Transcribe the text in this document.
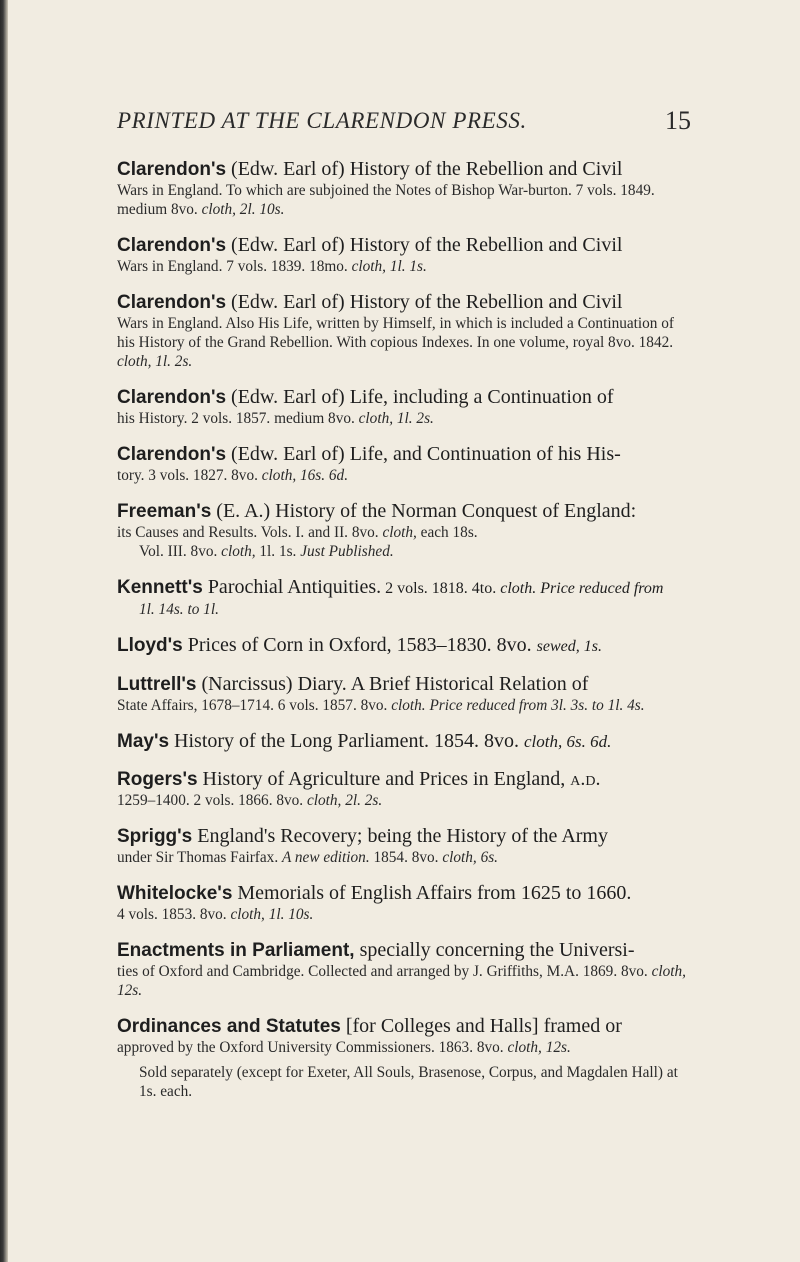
PRINTED AT THE CLARENDON PRESS.	15
Clarendon's (Edw. Earl of) History of the Rebellion and Civil
Wars in England. To which are subjoined the Notes of Bishop War-burton. 7 vols. 1849. medium 8vo. cloth, 2l. 10s.
Clarendon's (Edw. Earl of) History of the Rebellion and Civil
Wars in England. 7 vols. 1839. 18mo. cloth, 1l. 1s.
Clarendon's (Edw. Earl of) History of the Rebellion and Civil
Wars in England. Also His Life, written by Himself, in which is included a Continuation of his History of the Grand Rebellion. With copious Indexes. In one volume, royal 8vo. 1842. cloth, 1l. 2s.
Clarendon's (Edw. Earl of) Life, including a Continuation of
his History. 2 vols. 1857. medium 8vo. cloth, 1l. 2s.
Clarendon's (Edw. Earl of) Life, and Continuation of his His-
tory. 3 vols. 1827. 8vo. cloth, 16s. 6d.
Freeman's (E. A.) History of the Norman Conquest of England:
its Causes and Results. Vols. I. and II. 8vo. cloth, each 18s.
Vol. III. 8vo. cloth, 1l. 1s. Just Published.
Kennett's Parochial Antiquities. 2 vols. 1818. 4to. cloth. Price reduced from
1l. 14s. to 1l.
Lloyd's Prices of Corn in Oxford, 1583–1830. 8vo. sewed, 1s.
Luttrell's (Narcissus) Diary. A Brief Historical Relation of
State Affairs, 1678–1714. 6 vols. 1857. 8vo. cloth. Price reduced from 3l. 3s. to 1l. 4s.
May's History of the Long Parliament. 1854. 8vo. cloth, 6s. 6d.
Rogers's History of Agriculture and Prices in England, a.d.
1259–1400. 2 vols. 1866. 8vo. cloth, 2l. 2s.
Sprigg's England's Recovery; being the History of the Army
under Sir Thomas Fairfax. A new edition. 1854. 8vo. cloth, 6s.
Whitelocke's Memorials of English Affairs from 1625 to 1660.
4 vols. 1853. 8vo. cloth, 1l. 10s.
Enactments in Parliament, specially concerning the Universi-
ties of Oxford and Cambridge. Collected and arranged by J. Griffiths, M.A. 1869. 8vo. cloth, 12s.
Ordinances and Statutes [for Colleges and Halls] framed or
approved by the Oxford University Commissioners. 1863. 8vo. cloth, 12s.
Sold separately (except for Exeter, All Souls, Brasenose, Corpus, and Magdalen Hall) at 1s. each.
